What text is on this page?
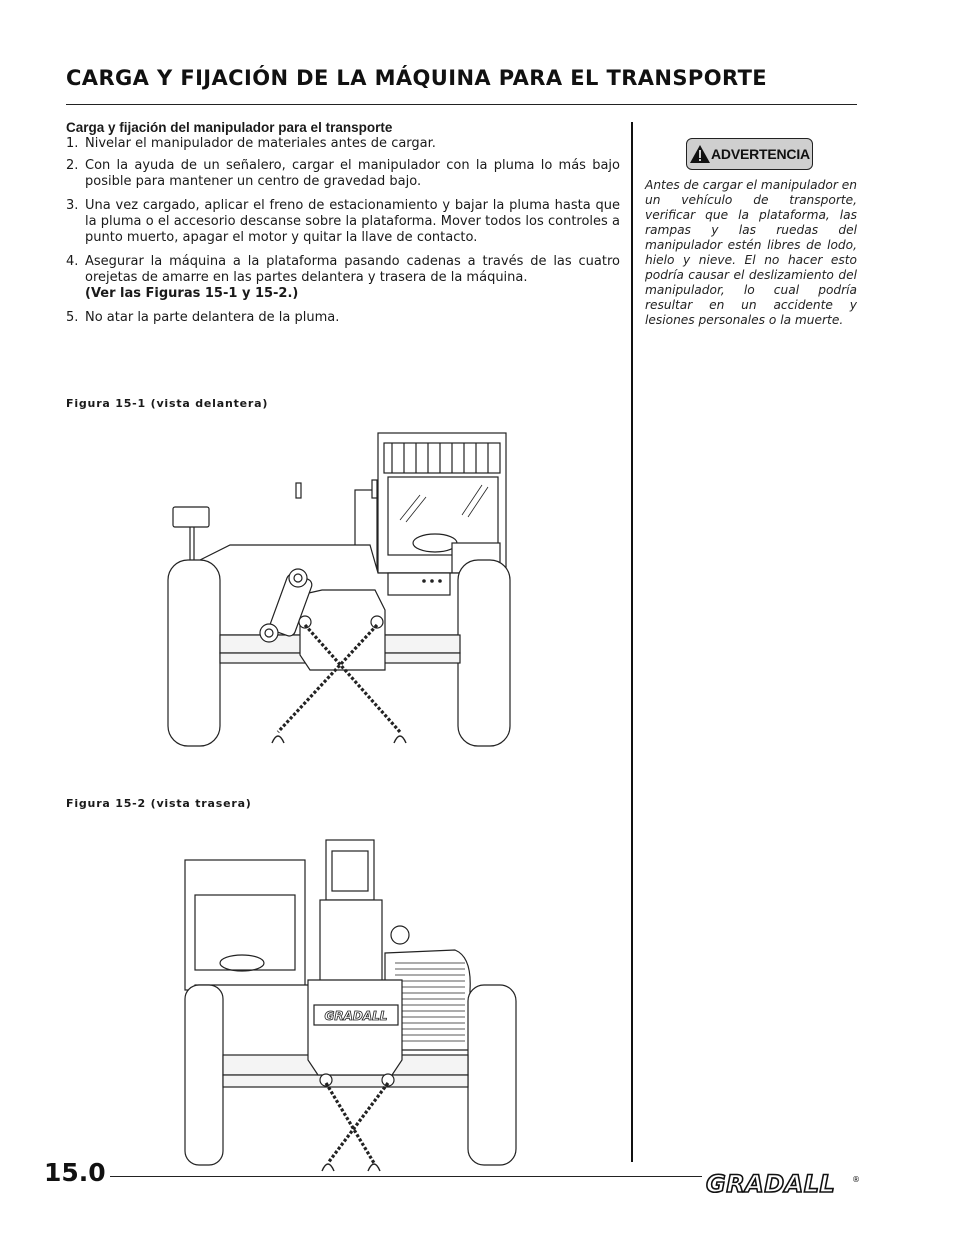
CARGA Y FIJACIÓN DE LA MÁQUINA PARA EL TRANSPORTE
Carga y fijación del manipulador para el transporte
1. Nivelar el manipulador de materiales antes de cargar.
2. Con la ayuda de un señalero, cargar el manipulador con la pluma lo más bajo posible para mantener un centro de gravedad bajo.
3. Una vez cargado, aplicar el freno de estacionamiento y bajar la pluma hasta que la pluma o el accesorio descanse sobre la plataforma. Mover todos los controles a punto muerto, apagar el motor y quitar la llave de contacto.
4. Asegurar la máquina a la plataforma pasando cadenas a través de las cuatro orejetas de amarre en las partes delantera y trasera de la máquina.
(Ver las Figuras 15-1 y 15-2.)
5. No atar la parte delantera de la pluma.
Figura 15-1 (vista delantera)
Figura 15-2 (vista trasera)
GRADALL
ADVERTENCIA
Antes de cargar el manipulador en un vehículo de transporte, verificar que la plataforma, las rampas y las ruedas del manipulador estén libres de lodo, hielo y nieve. El no hacer esto podría causar el deslizamiento del manipulador, lo cual podría resultar en un accidente y lesiones personales o la muerte.
15.0	GRADALL ®
